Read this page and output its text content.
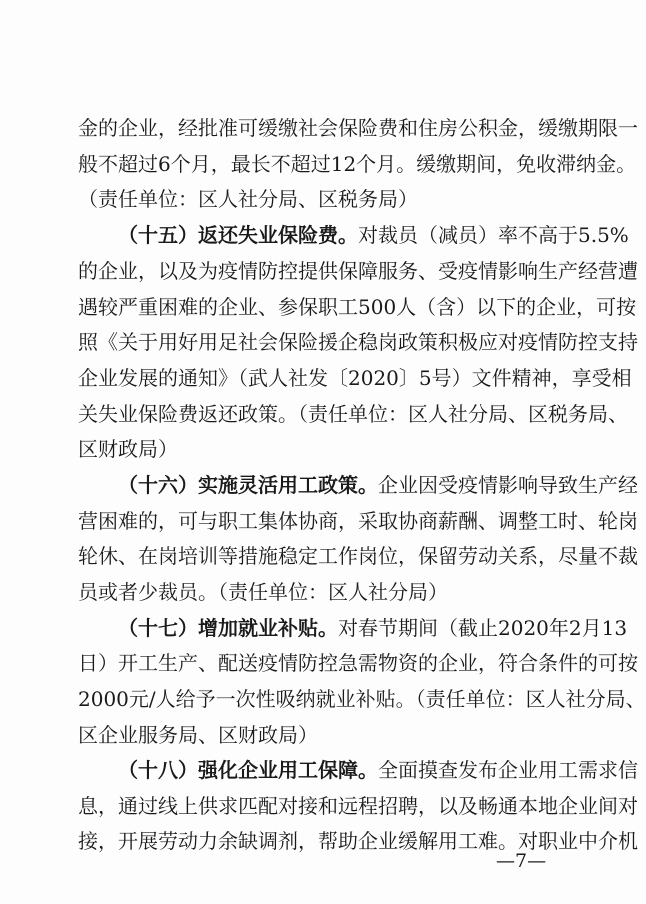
金的企业，经批准可缓缴社会保险费和住房公积金，缓缴期限一
般不超过6个月，最长不超过12个月。缓缴期间，免收滞纳金。
（责任单位：区人社分局、区税务局）
（十五）返还失业保险费。对裁员（减员）率不高于5.5%
的企业，以及为疫情防控提供保障服务、受疫情影响生产经营遭
遇较严重困难的企业、参保职工500人（含）以下的企业，可按
照《关于用好用足社会保险援企稳岗政策积极应对疫情防控支持
企业发展的通知》（武人社发〔2020〕5号）文件精神，享受相
关失业保险费返还政策。（责任单位：区人社分局、区税务局、
区财政局）
（十六）实施灵活用工政策。企业因受疫情影响导致生产经
营困难的，可与职工集体协商，采取协商薪酬、调整工时、轮岗
轮休、在岗培训等措施稳定工作岗位，保留劳动关系，尽量不裁
员或者少裁员。（责任单位：区人社分局）
（十七）增加就业补贴。对春节期间（截止2020年2月13
日）开工生产、配送疫情防控急需物资的企业，符合条件的可按
2000元/人给予一次性吸纳就业补贴。（责任单位：区人社分局、
区企业服务局、区财政局）
（十八）强化企业用工保障。全面摸查发布企业用工需求信
息，通过线上供求匹配对接和远程招聘，以及畅通本地企业间对
接，开展劳动力余缺调剂，帮助企业缓解用工难。对职业中介机
—7—
